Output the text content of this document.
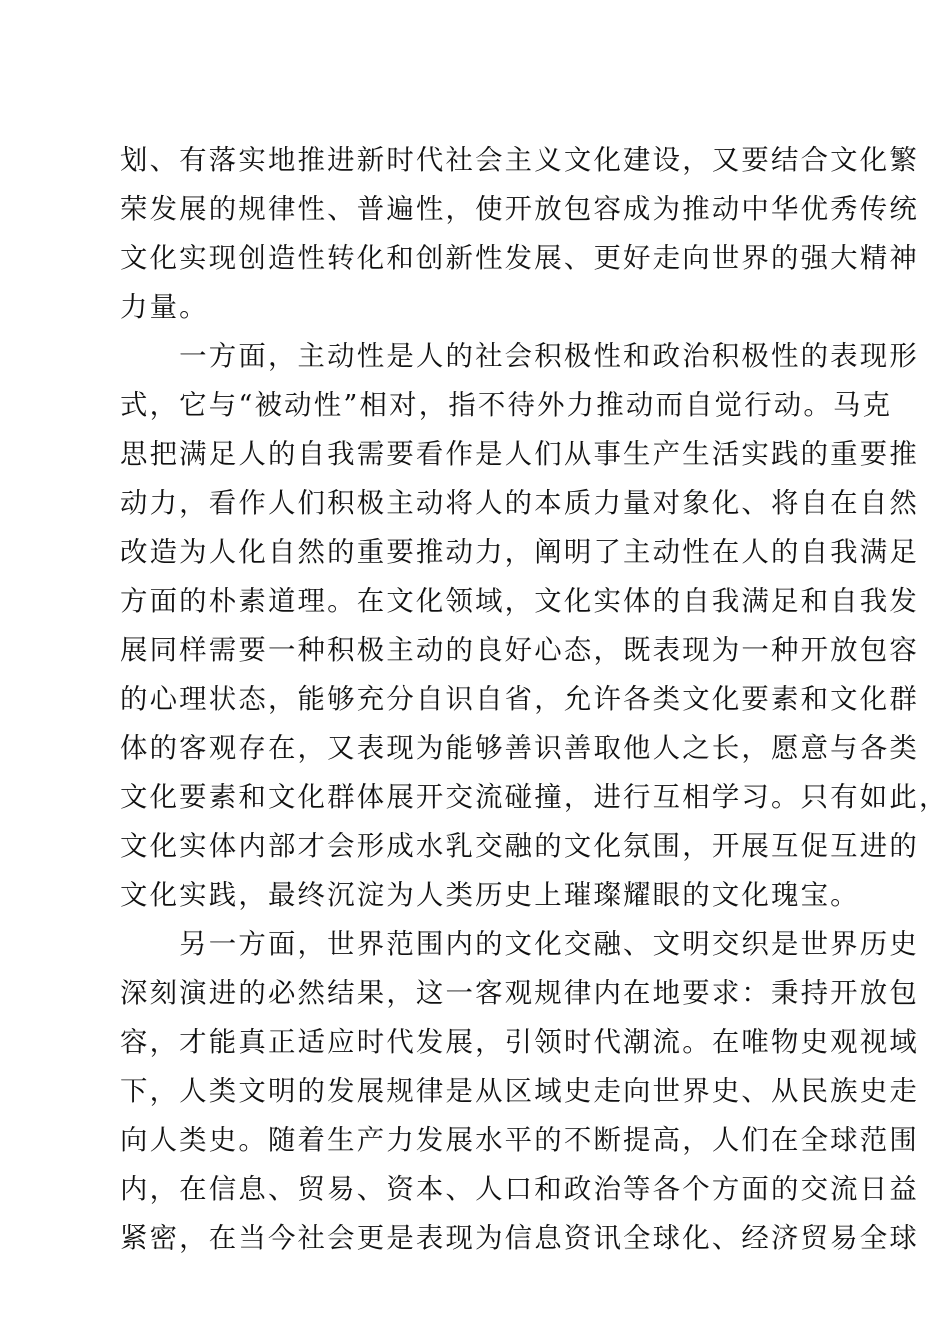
划、有落实地推进新时代社会主义文化建设，又要结合文化繁
荣发展的规律性、普遍性，使开放包容成为推动中华优秀传统
文化实现创造性转化和创新性发展、更好走向世界的强大精神
力量。
　　一方面，主动性是人的社会积极性和政治积极性的表现形
式，它与“被动性”相对，指不待外力推动而自觉行动。马克
思把满足人的自我需要看作是人们从事生产生活实践的重要推
动力，看作人们积极主动将人的本质力量对象化、将自在自然
改造为人化自然的重要推动力，阐明了主动性在人的自我满足
方面的朴素道理。在文化领域，文化实体的自我满足和自我发
展同样需要一种积极主动的良好心态，既表现为一种开放包容
的心理状态，能够充分自识自省，允许各类文化要素和文化群
体的客观存在，又表现为能够善识善取他人之长，愿意与各类
文化要素和文化群体展开交流碰撞，进行互相学习。只有如此，
文化实体内部才会形成水乳交融的文化氛围，开展互促互进的
文化实践，最终沉淀为人类历史上璀璨耀眼的文化瑰宝。
　　另一方面，世界范围内的文化交融、文明交织是世界历史
深刻演进的必然结果，这一客观规律内在地要求：秉持开放包
容，才能真正适应时代发展，引领时代潮流。在唯物史观视域
下，人类文明的发展规律是从区域史走向世界史、从民族史走
向人类史。随着生产力发展水平的不断提高，人们在全球范围
内，在信息、贸易、资本、人口和政治等各个方面的交流日益
紧密，在当今社会更是表现为信息资讯全球化、经济贸易全球
